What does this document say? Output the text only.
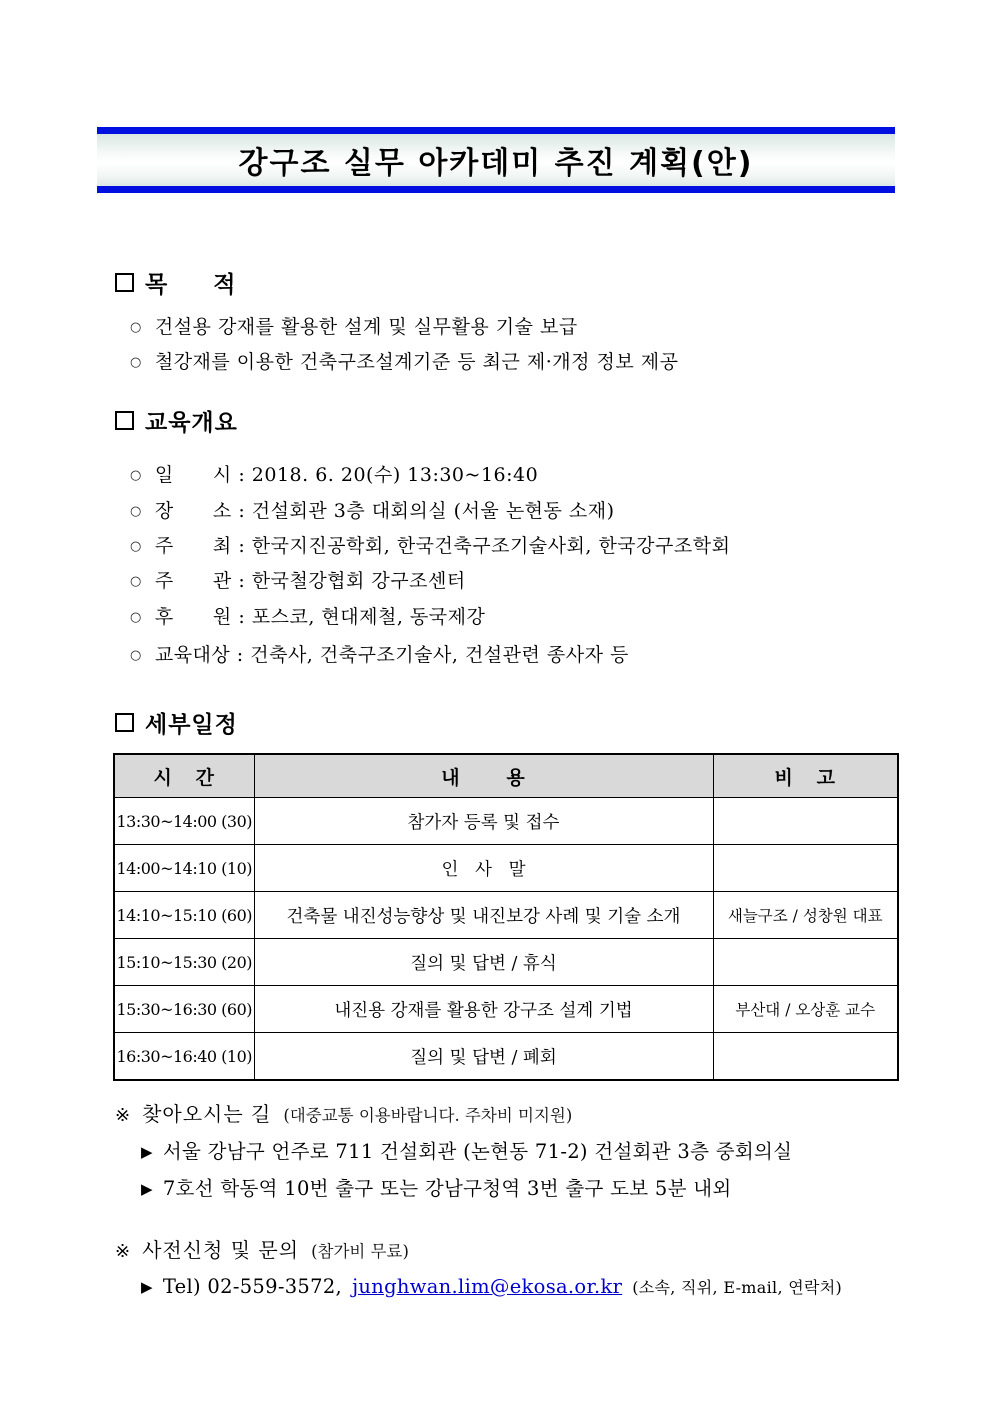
강구조 실무 아카데미 추진 계획(안)
목     적
○ 건설용 강재를 활용한 설계 및 실무활용 기술 보급
○ 철강재를 이용한 건축구조설계기준 등 최근 제·개정 정보 제공
교육개요
○ 일      시 : 2018. 6. 20(수) 13:30~16:40
○ 장      소 : 건설회관 3층 대회의실 (서울 논현동 소재)
○ 주      최 : 한국지진공학회, 한국건축구조기술사회, 한국강구조학회
○ 주      관 : 한국철강협회 강구조센터
○ 후      원 : 포스코, 현대제철, 동국제강
○ 교육대상 : 건축사, 건축구조기술사, 건설관련 종사자 등
세부일정
시   간	내      용	비   고
13:30~14:00 (30)	참가자 등록 및 접수	
14:00~14:10 (10)	인   사   말	
14:10~15:10 (60)	건축물 내진성능향상 및 내진보강 사례 및 기술 소개	새늘구조 / 성창원 대표
15:10~15:30 (20)	질의 및 답변 / 휴식	
15:30~16:30 (60)	내진용 강재를 활용한 강구조 설계 기법	부산대 / 오상훈 교수
16:30~16:40 (10)	질의 및 답변 / 폐회	
※ 찾아오시는 길 (대중교통 이용바랍니다. 주차비 미지원)
▶ 서울 강남구 언주로 711 건설회관 (논현동 71-2) 건설회관 3층 중회의실
▶ 7호선 학동역 10번 출구 또는 강남구청역 3번 출구 도보 5분 내외
※ 사전신청 및 문의 (참가비 무료)
▶ Tel) 02-559-3572, junghwan.lim@ekosa.or.kr (소속, 직위, E-mail, 연락처)
